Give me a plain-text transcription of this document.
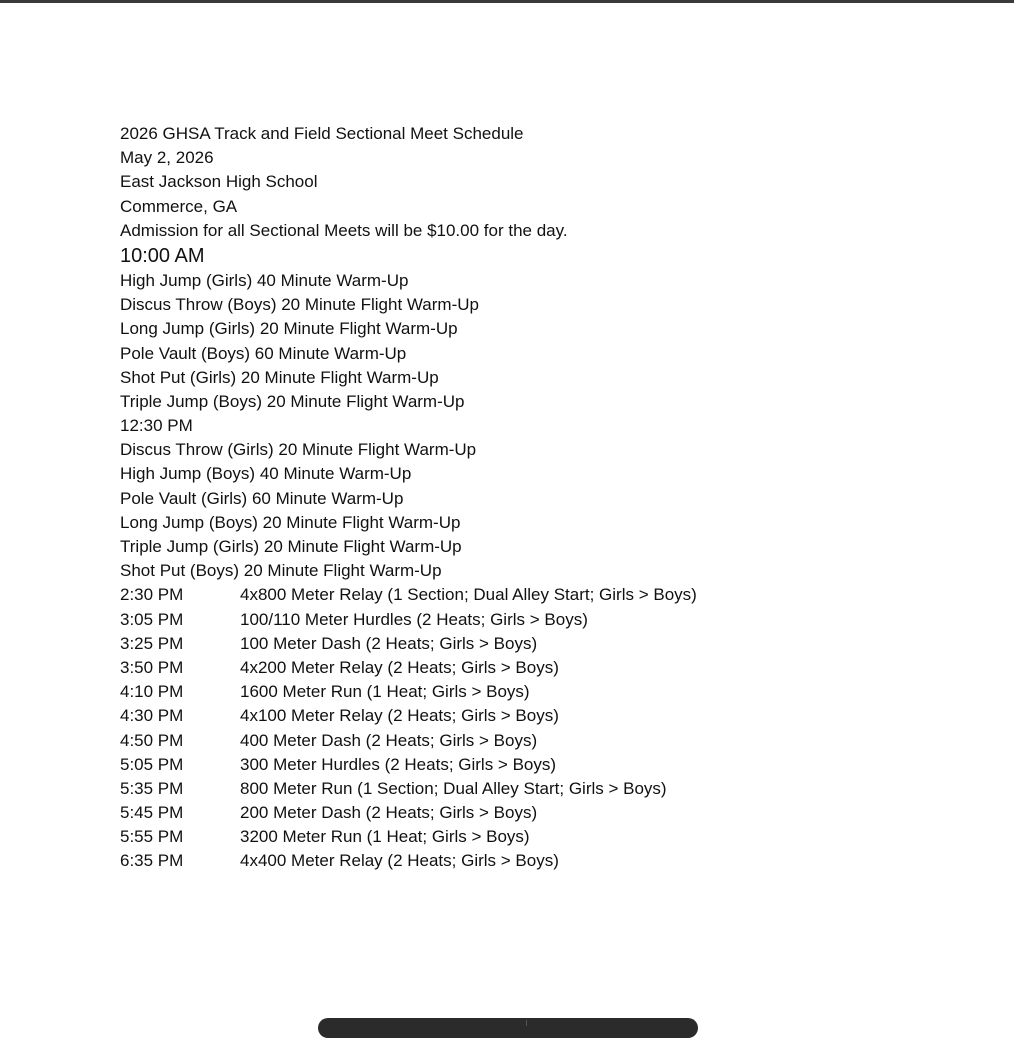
2026 GHSA Track and Field Sectional Meet Schedule
May 2, 2026
East Jackson High School
Commerce, GA
Admission for all Sectional Meets will be $10.00 for the day.
10:00 AM
High Jump (Girls) 40 Minute Warm-Up
Discus Throw (Boys) 20 Minute Flight Warm-Up
Long Jump (Girls) 20 Minute Flight Warm-Up
Pole Vault (Boys) 60 Minute Warm-Up
Shot Put (Girls) 20 Minute Flight Warm-Up
Triple Jump (Boys) 20 Minute Flight Warm-Up
12:30 PM
Discus Throw (Girls) 20 Minute Flight Warm-Up
High Jump (Boys) 40 Minute Warm-Up
Pole Vault (Girls) 60 Minute Warm-Up
Long Jump (Boys) 20 Minute Flight Warm-Up
Triple Jump (Girls) 20 Minute Flight Warm-Up
Shot Put (Boys) 20 Minute Flight Warm-Up
2:30 PM	4x800 Meter Relay (1 Section; Dual Alley Start; Girls > Boys)
3:05 PM	100/110 Meter Hurdles (2 Heats; Girls > Boys)
3:25 PM	100 Meter Dash (2 Heats; Girls > Boys)
3:50 PM	4x200 Meter Relay (2 Heats; Girls > Boys)
4:10 PM	1600 Meter Run (1 Heat; Girls > Boys)
4:30 PM	4x100 Meter Relay (2 Heats; Girls > Boys)
4:50 PM	400 Meter Dash (2 Heats; Girls > Boys)
5:05 PM	300 Meter Hurdles (2 Heats; Girls > Boys)
5:35 PM	800 Meter Run (1 Section; Dual Alley Start; Girls > Boys)
5:45 PM	200 Meter Dash (2 Heats; Girls > Boys)
5:55 PM	3200 Meter Run (1 Heat; Girls > Boys)
6:35 PM	4x400 Meter Relay (2 Heats; Girls > Boys)
